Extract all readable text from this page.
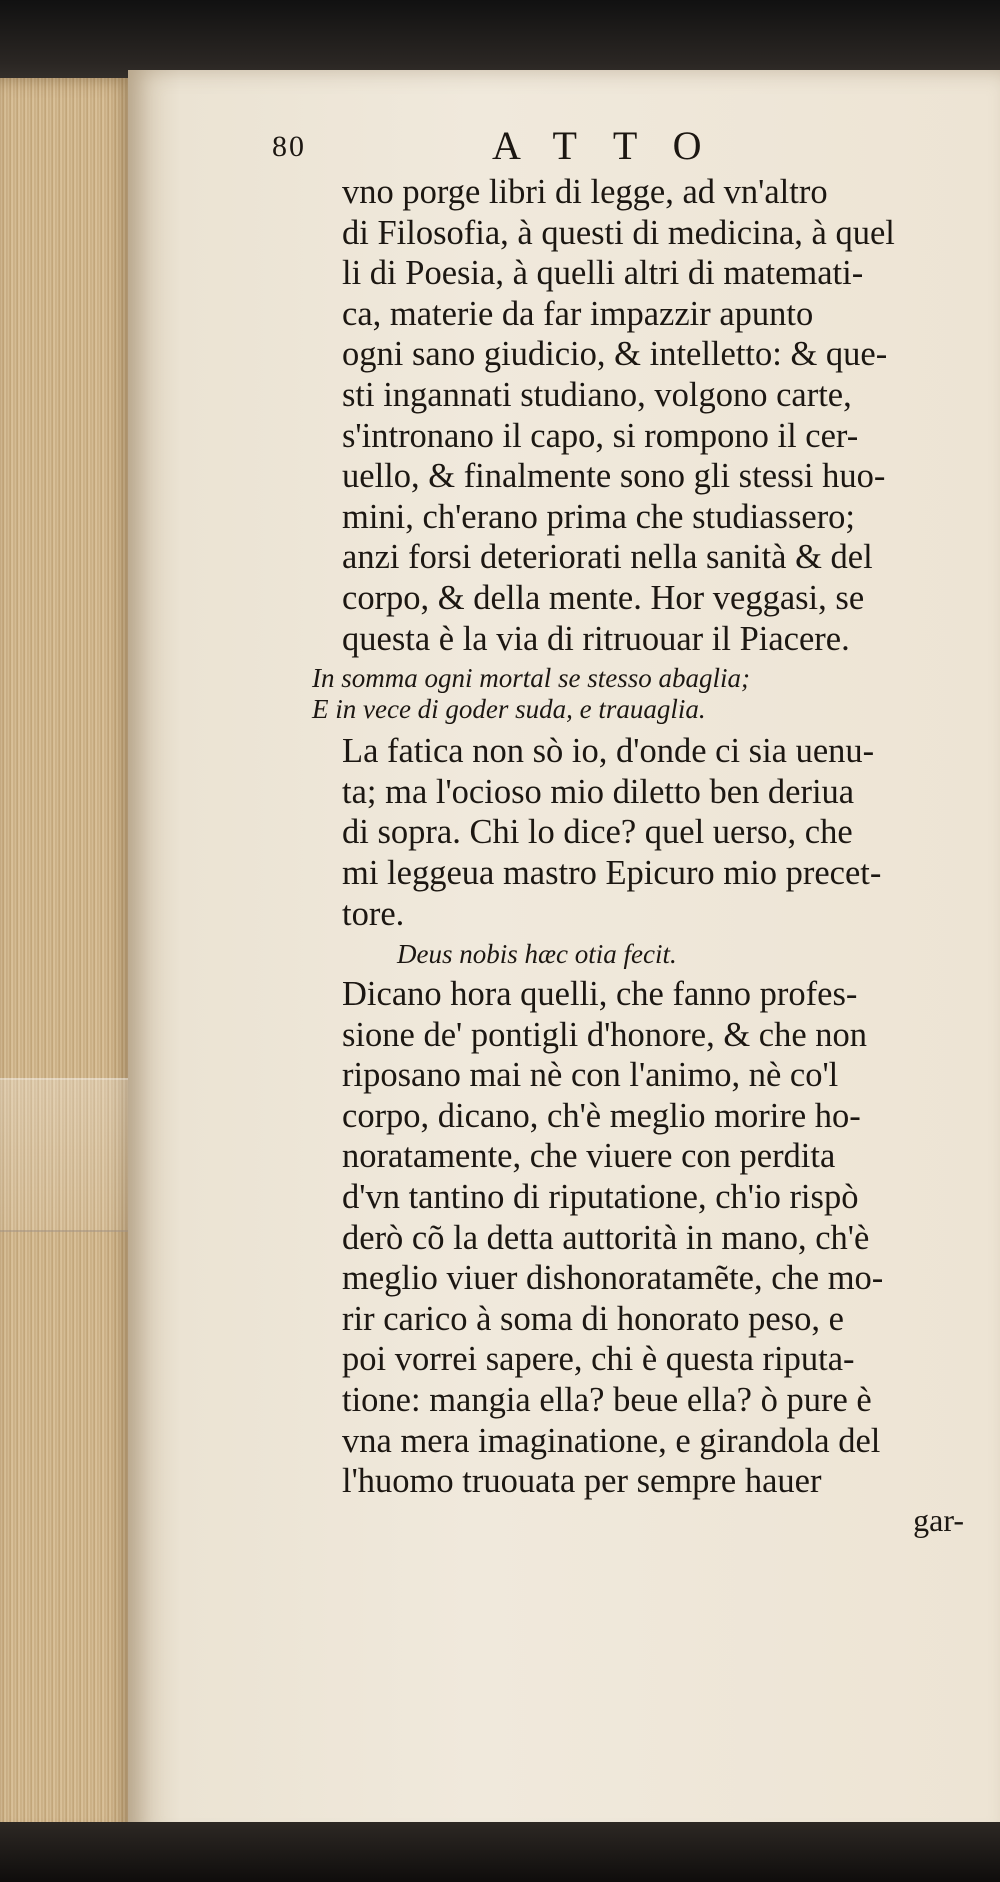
80	ATTO
vno porge libri di legge, ad vn'altro
di Filosofia, à questi di medicina, à quel
li di Poesia, à quelli altri di matemati-
ca, materie da far impazzir apunto
ogni sano giudicio, & intelletto: & que-
sti ingannati studiano, volgono carte,
s'intronano il capo, si rompono il cer-
uello, & finalmente sono gli stessi huo-
mini, ch'erano prima che studiassero;
anzi forsi deteriorati nella sanità & del
corpo, & della mente. Hor veggasi, se
questa è la via di ritruouar il Piacere.
In somma ogni mortal se stesso abaglia;
E in vece di goder suda, e trauaglia.
La fatica non sò io, d'onde ci sia uenu-
ta; ma l'ocioso mio diletto ben deriua
di sopra. Chi lo dice? quel uerso, che
mi leggeua mastro Epicuro mio precet-
tore.
Deus nobis hæc otia fecit.
Dicano hora quelli, che fanno profes-
sione de' pontigli d'honore, & che non
riposano mai nè con l'animo, nè co'l
corpo, dicano, ch'è meglio morire ho-
noratamente, che viuere con perdita
d'vn tantino di riputatione, ch'io rispò
derò cõ la detta auttorità in mano, ch'è
meglio viuer dishonoratamẽte, che mo-
rir carico à soma di honorato peso, e
poi vorrei sapere, chi è questa riputa-
tione: mangia ella? beue ella? ò pure è
vna mera imaginatione, e girandola del
l'huomo truouata per sempre hauer
gar-
